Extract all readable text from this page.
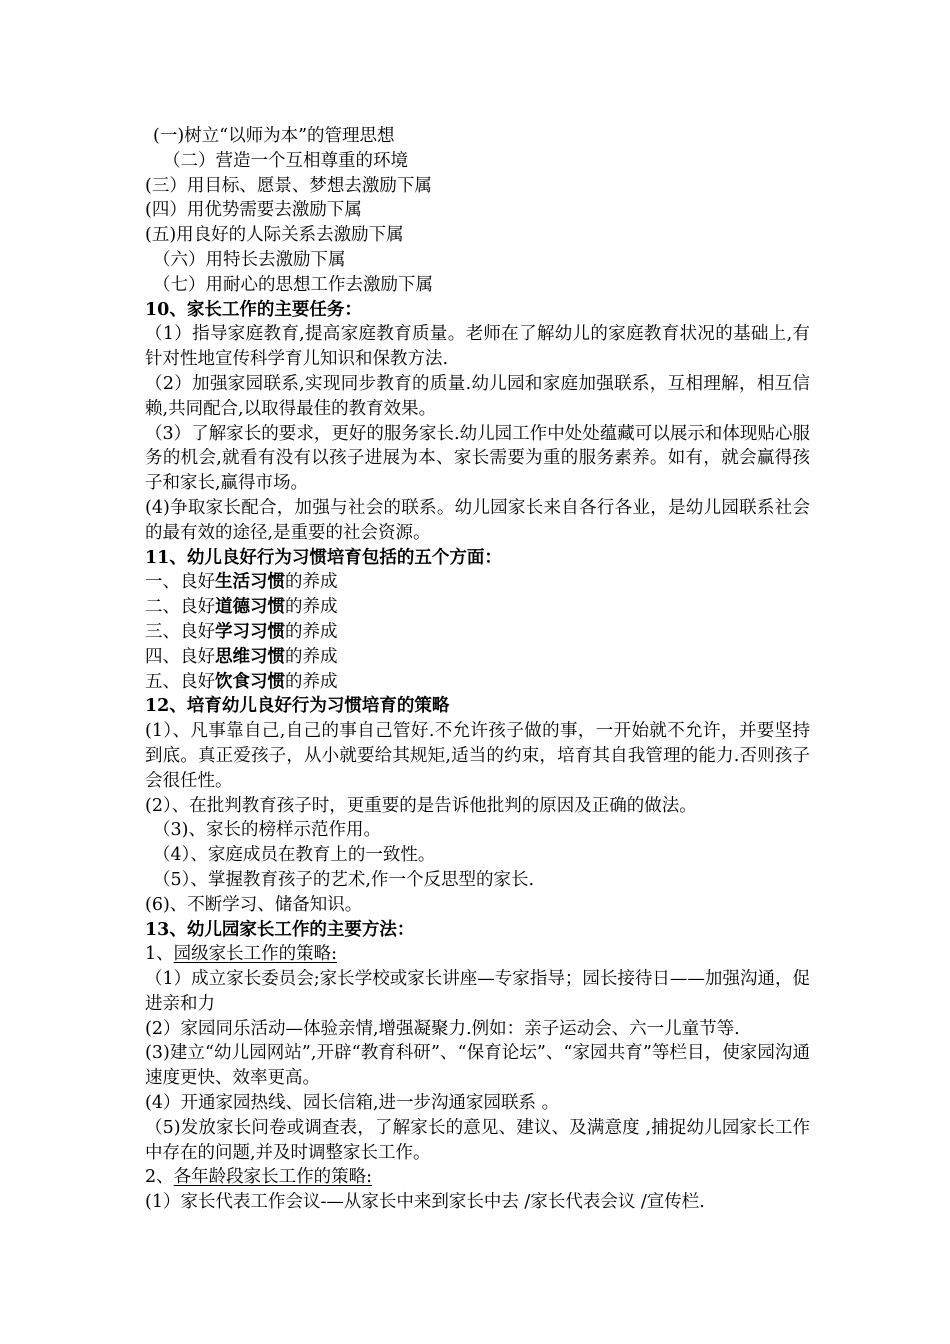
(一)树立“以师为本”的管理思想
（二）营造一个互相尊重的环境
(三）用目标、愿景、梦想去激励下属
(四）用优势需要去激励下属
(五)用良好的人际关系去激励下属
（六）用特长去激励下属
（七）用耐心的思想工作去激励下属
10、家长工作的主要任务：
（1）指导家庭教育,提高家庭教育质量。老师在了解幼儿的家庭教育状况的基础上,有针对性地宣传科学育儿知识和保教方法.
（2）加强家园联系,实现同步教育的质量.幼儿园和家庭加强联系，互相理解，相互信赖,共同配合,以取得最佳的教育效果。
（3）了解家长的要求，更好的服务家长.幼儿园工作中处处蕴藏可以展示和体现贴心服务的机会,就看有没有以孩子进展为本、家长需要为重的服务素养。如有，就会赢得孩子和家长,赢得市场。
(4)争取家长配合，加强与社会的联系。幼儿园家长来自各行各业，是幼儿园联系社会的最有效的途径,是重要的社会资源。
11、幼儿良好行为习惯培育包括的五个方面：
一、良好生活习惯的养成
二、良好道德习惯的养成
三、良好学习习惯的养成
四、良好思维习惯的养成
五、良好饮食习惯的养成
12、培育幼儿良好行为习惯培育的策略
(1）、凡事靠自己,自己的事自己管好.不允许孩子做的事，一开始就不允许，并要坚持到底。真正爱孩子，从小就要给其规矩,适当的约束，培育其自我管理的能力.否则孩子会很任性。
(2）、在批判教育孩子时，更重要的是告诉他批判的原因及正确的做法。
（3)、家长的榜样示范作用。
（4）、家庭成员在教育上的一致性。
（5）、掌握教育孩子的艺术,作一个反思型的家长.
(6)、不断学习、储备知识。
13、幼儿园家长工作的主要方法：
1、园级家长工作的策略:
（1）成立家长委员会;家长学校或家长讲座—专家指导；园长接待日——加强沟通，促进亲和力
(2）家园同乐活动—体验亲情,增强凝聚力.例如：亲子运动会、六一儿童节等.
(3)建立“幼儿园网站”,开辟“教育科研”、“保育论坛”、“家园共育”等栏目，使家园沟通速度更快、效率更高。
(4）开通家园热线、园长信箱,进一步沟通家园联系 。
（5)发放家长问卷或调查表，了解家长的意见、建议、及满意度 ,捕捉幼儿园家长工作中存在的问题,并及时调整家长工作。
2、各年龄段家长工作的策略:
(1）家长代表工作会议-—从家长中来到家长中去 /家长代表会议 /宣传栏.
